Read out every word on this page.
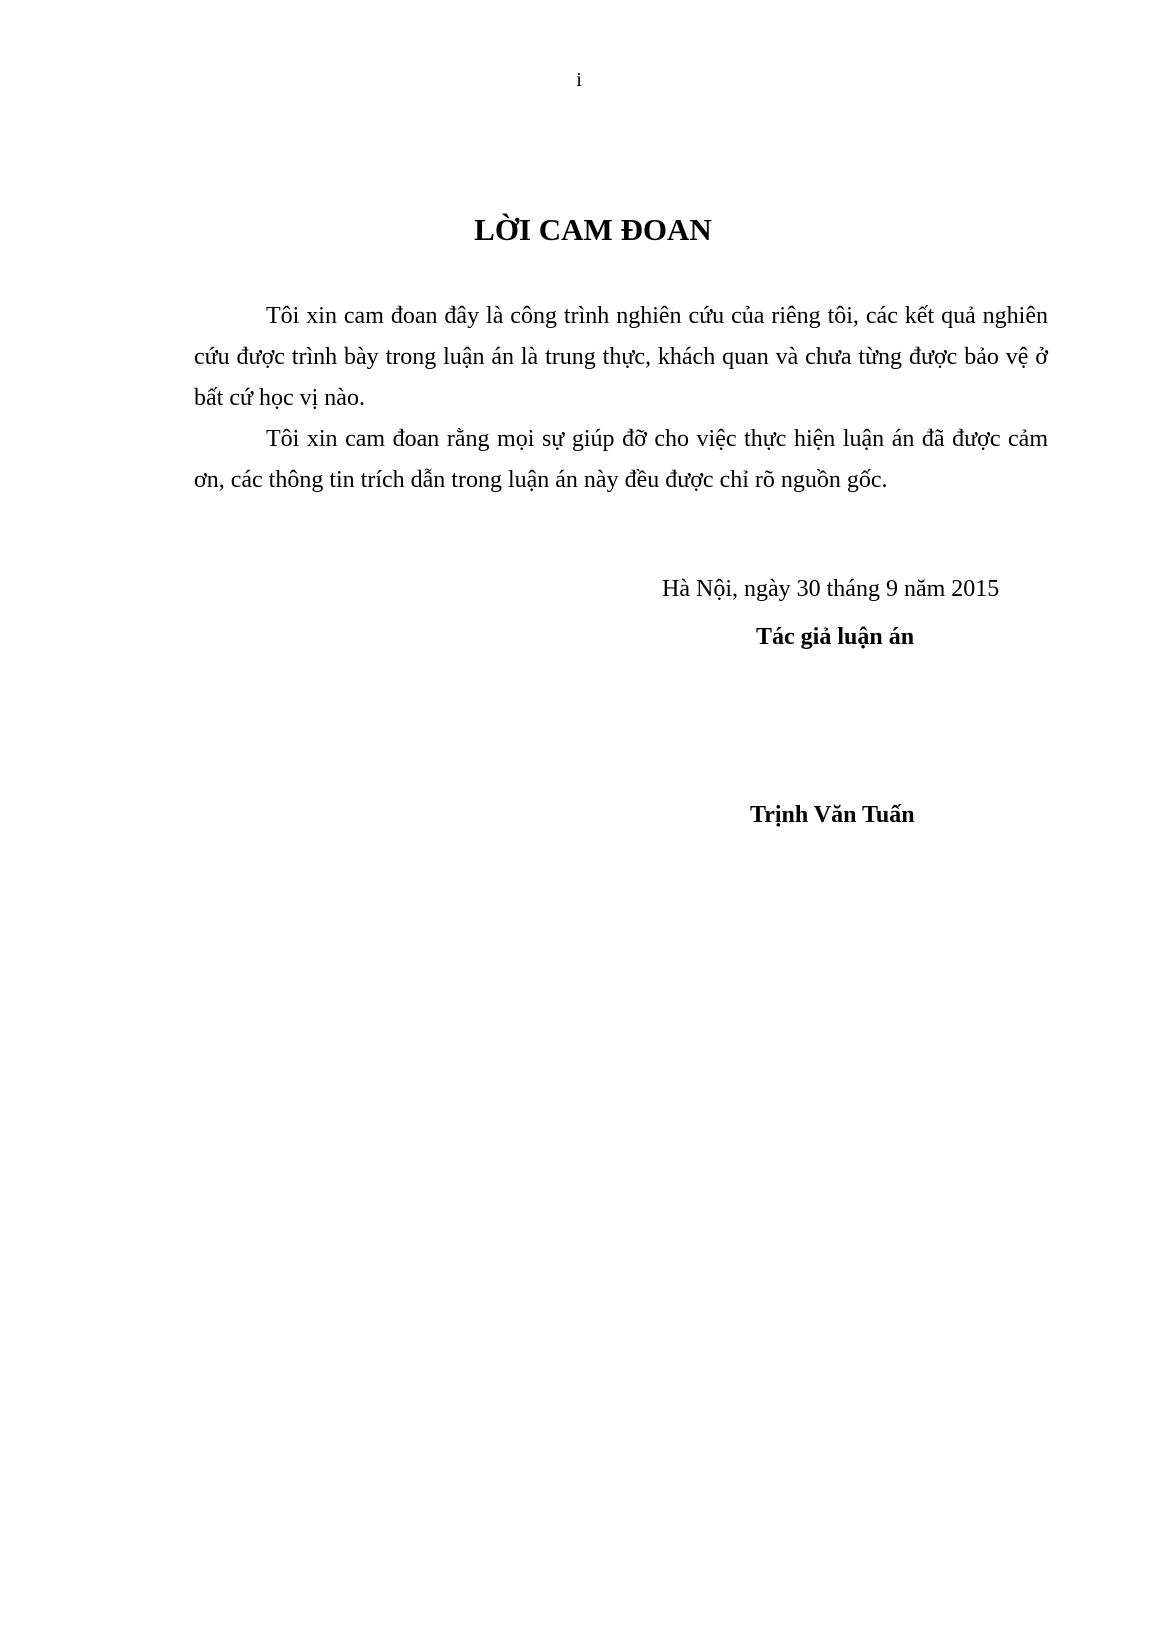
i
LỜI CAM ĐOAN

Tôi xin cam đoan đây là công trình nghiên cứu của riêng tôi, các kết quả nghiên cứu được trình bày trong luận án là trung thực, khách quan và chưa từng được bảo vệ ở bất cứ học vị nào.

Tôi xin cam đoan rằng mọi sự giúp đỡ cho việc thực hiện luận án đã được cảm ơn, các thông tin trích dẫn trong luận án này đều được chỉ rõ nguồn gốc.

Hà Nội, ngày 30 tháng 9 năm 2015
Tác giả luận án
Trịnh Văn Tuấn
